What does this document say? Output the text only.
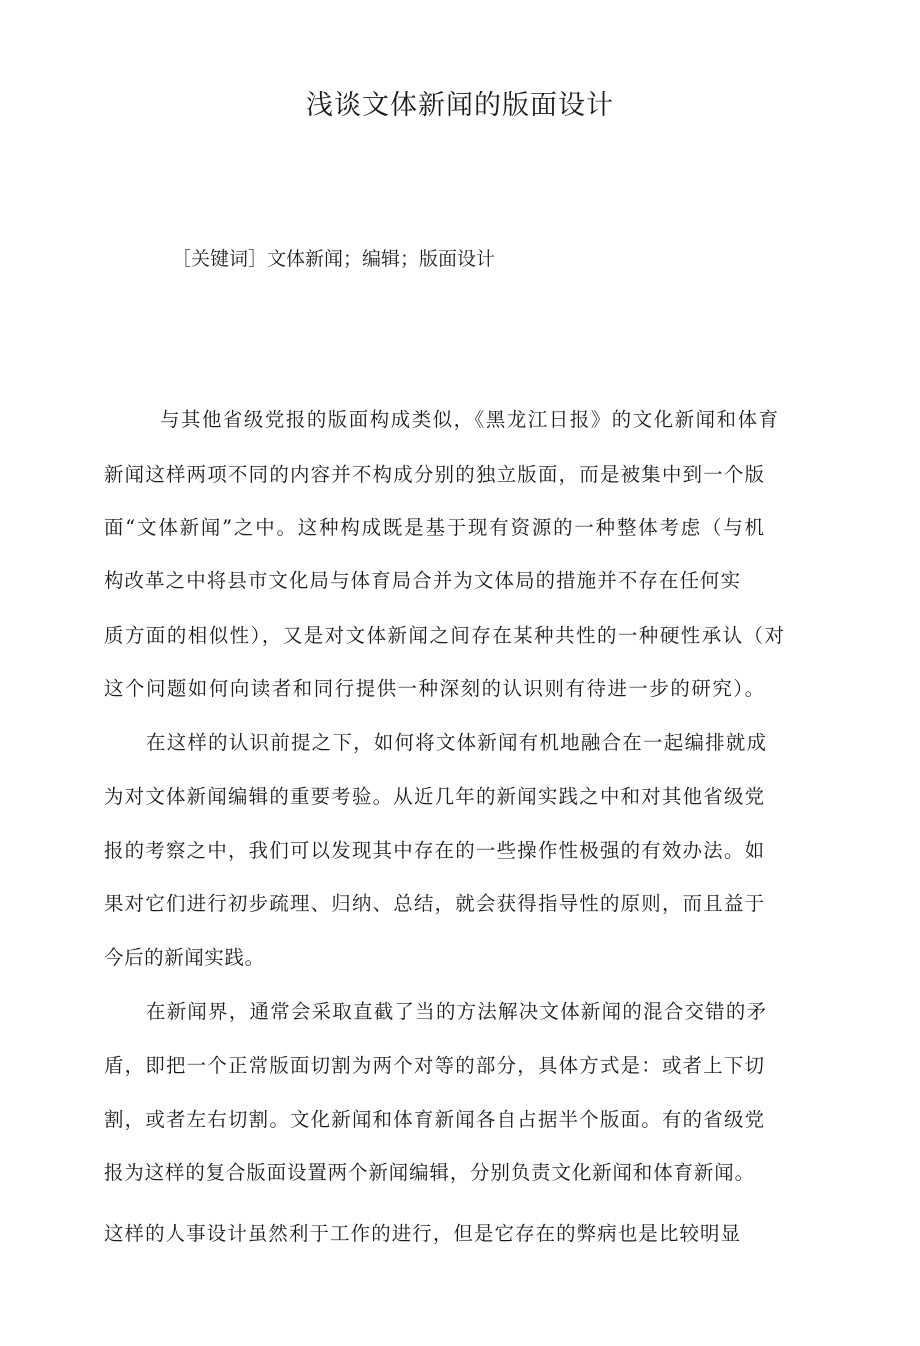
浅谈文体新闻的版面设计
［关键词］文体新闻；编辑；版面设计
与其他省级党报的版面构成类似，《黑龙江日报》的文化新闻和体育
新闻这样两项不同的内容并不构成分别的独立版面，而是被集中到一个版
面“文体新闻”之中。这种构成既是基于现有资源的一种整体考虑（与机
构改革之中将县市文化局与体育局合并为文体局的措施并不存在任何实
质方面的相似性），又是对文体新闻之间存在某种共性的一种硬性承认（对
这个问题如何向读者和同行提供一种深刻的认识则有待进一步的研究）。
在这样的认识前提之下，如何将文体新闻有机地融合在一起编排就成
为对文体新闻编辑的重要考验。从近几年的新闻实践之中和对其他省级党
报的考察之中，我们可以发现其中存在的一些操作性极强的有效办法。如
果对它们进行初步疏理、归纳、总结，就会获得指导性的原则，而且益于
今后的新闻实践。
在新闻界，通常会采取直截了当的方法解决文体新闻的混合交错的矛
盾，即把一个正常版面切割为两个对等的部分，具体方式是：或者上下切
割，或者左右切割。文化新闻和体育新闻各自占据半个版面。有的省级党
报为这样的复合版面设置两个新闻编辑，分别负责文化新闻和体育新闻。
这样的人事设计虽然利于工作的进行，但是它存在的弊病也是比较明显
